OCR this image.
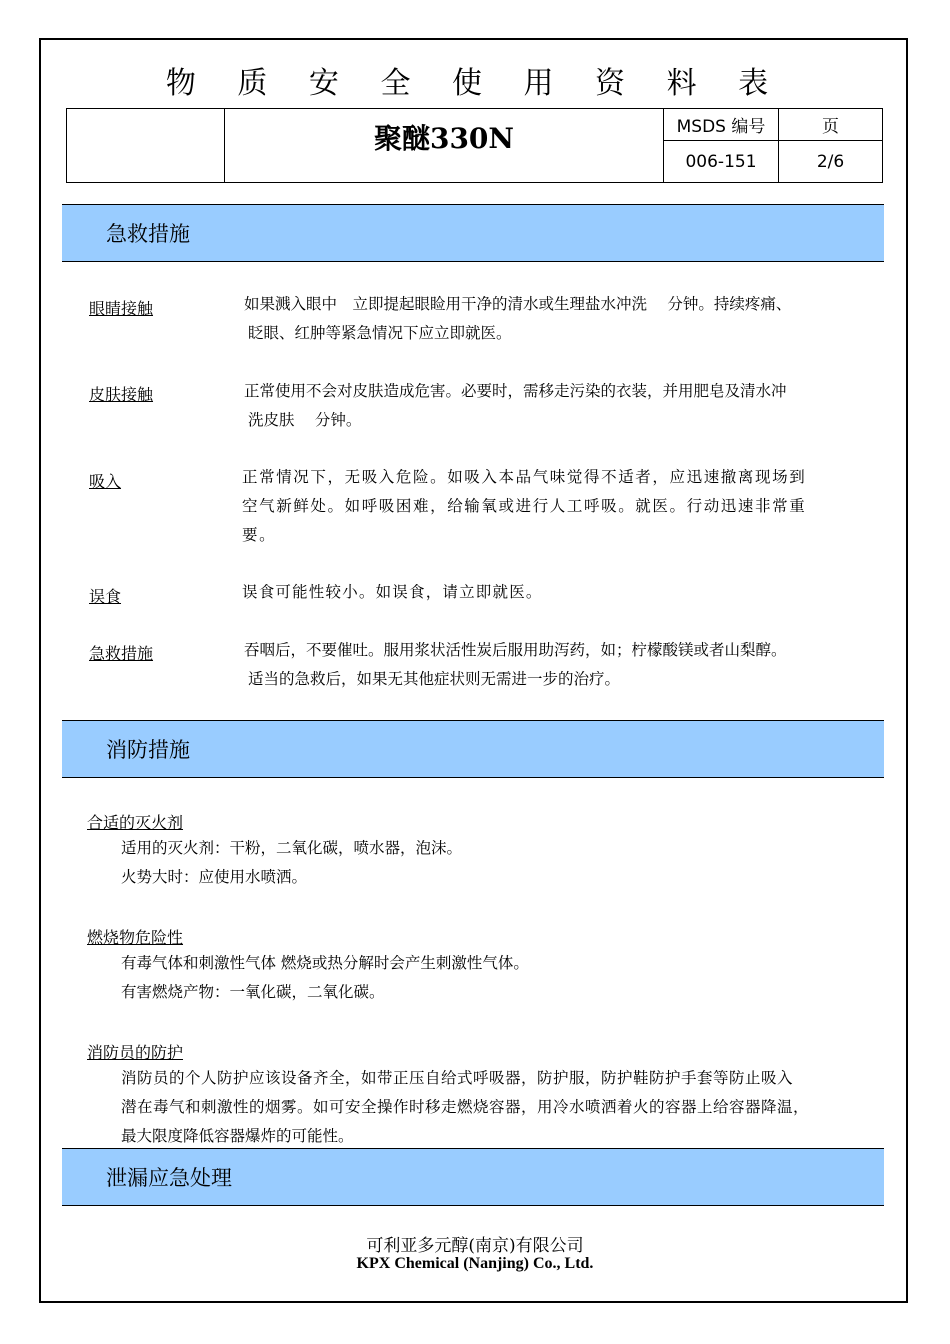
物 质 安 全 使 用 资 料 表
	聚醚330N	MSDS 编号	页
		006-151	2/6
急救措施
眼睛接触	如果溅入眼中　立即提起眼睑用干净的清水或生理盐水冲洗　 分钟。持续疼痛、
眨眼、红肿等紧急情况下应立即就医。
皮肤接触	正常使用不会对皮肤造成危害。必要时，需移走污染的衣装，并用肥皂及清水冲
洗皮肤　 分钟。
吸入	正常情况下，无吸入危险。如吸入本品气味觉得不适者，应迅速撤离现场到
空气新鲜处。如呼吸困难，给输氧或进行人工呼吸。就医。行动迅速非常重
要。
误食	误食可能性较小。如误食，请立即就医。
急救措施	吞咽后，不要催吐。服用浆状活性炭后服用助泻药，如；柠檬酸镁或者山梨醇。
适当的急救后，如果无其他症状则无需进一步的治疗。
消防措施
合适的灭火剂
适用的灭火剂：干粉，二氧化碳，喷水器，泡沫。
火势大时：应使用水喷洒。
燃烧物危险性
有毒气体和刺激性气体 燃烧或热分解时会产生刺激性气体。
有害燃烧产物：一氧化碳，二氧化碳。
消防员的防护
消防员的个人防护应该设备齐全，如带正压自给式呼吸器，防护服，防护鞋防护手套等防止吸入
潜在毒气和刺激性的烟雾。如可安全操作时移走燃烧容器，用冷水喷洒着火的容器上给容器降温，
最大限度降低容器爆炸的可能性。
泄漏应急处理
可利亚多元醇(南京)有限公司
KPX Chemical (Nanjing) Co., Ltd.
